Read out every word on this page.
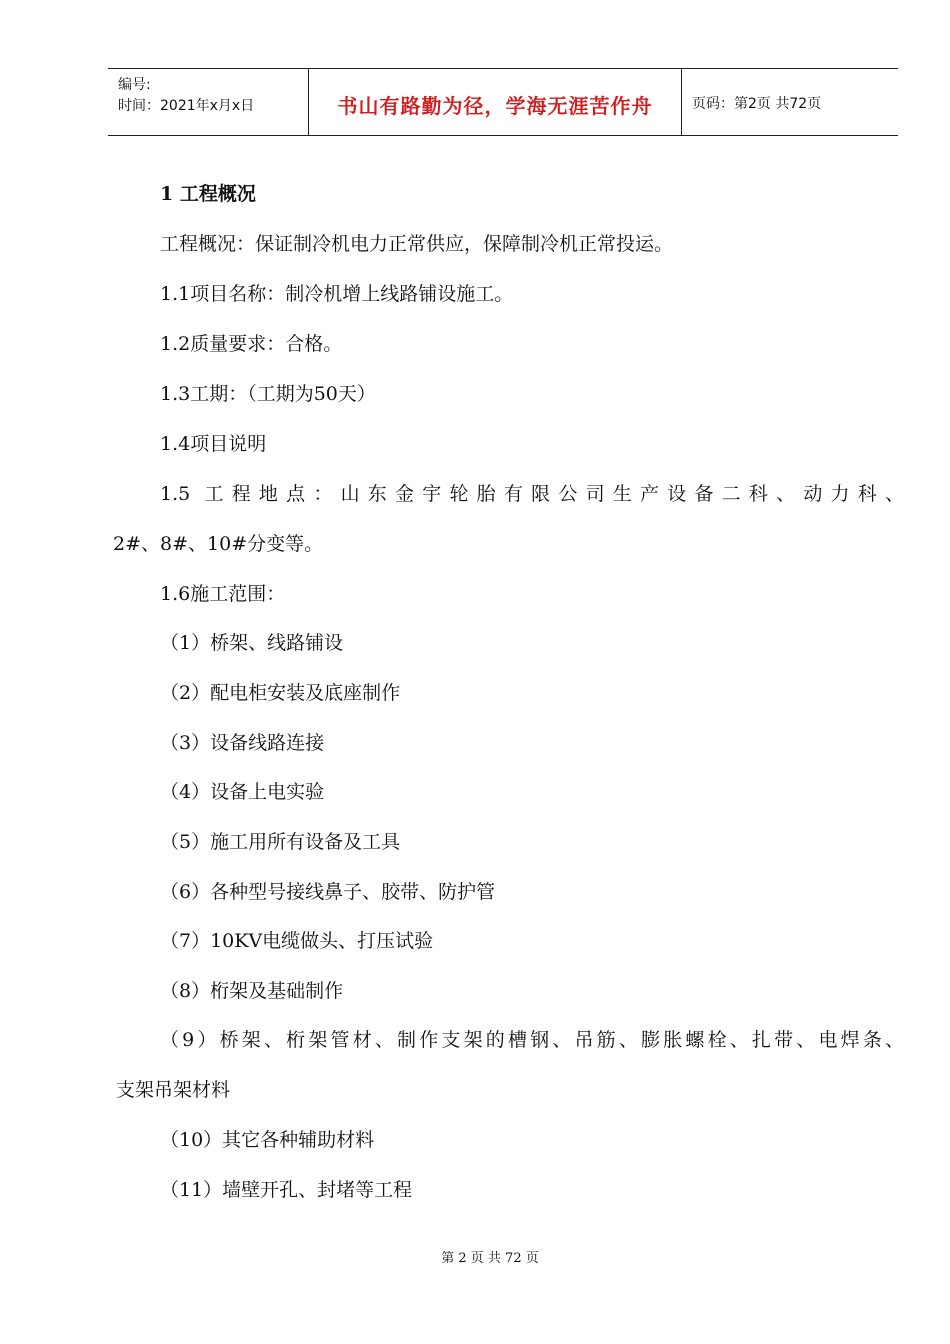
编号:
时间：2021年x月x日	书山有路勤为径，学海无涯苦作舟	页码：第2页 共72页
1 工程概况
工程概况：保证制冷机电力正常供应，保障制冷机正常投运。
1.1项目名称：制冷机增上线路铺设施工。
1.2质量要求：合格。
1.3工期：（工期为50天）
1.4项目说明
1.5 工程地点：山东金宇轮胎有限公司生产设备二科、动力科、
2#、8#、10#分变等。
1.6施工范围：
（1）桥架、线路铺设
（2）配电柜安装及底座制作
（3）设备线路连接
（4）设备上电实验
（5）施工用所有设备及工具
（6）各种型号接线鼻子、胶带、防护管
（7）10KV电缆做头、打压试验
（8）桁架及基础制作
（9）桥架、桁架管材、制作支架的槽钢、吊筋、膨胀螺栓、扎带、电焊条、
支架吊架材料
（10）其它各种辅助材料
（11）墙壁开孔、封堵等工程
第 2 页 共 72 页
